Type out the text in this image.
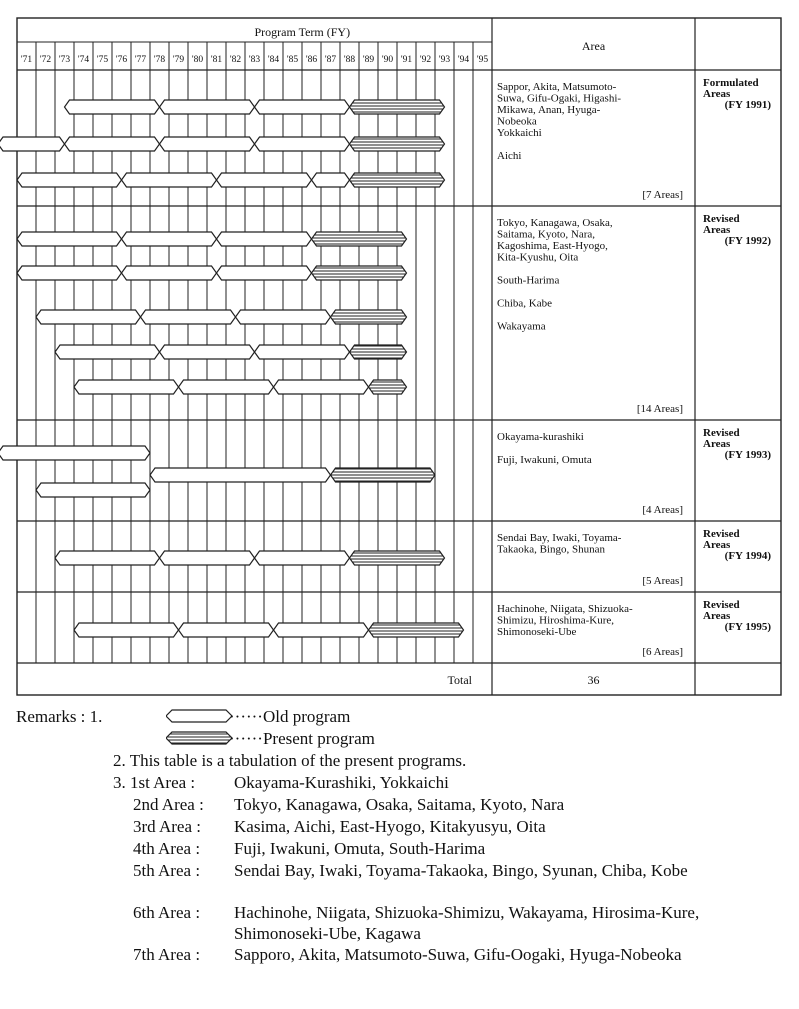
Program Term (FY)
Area
'71 '72 '73 '74 '75 '76 '77 '78 '79 '80 '81 '82 '83 '84 '85 '86 '87 '88 '89 '90 '91 '92 '93 '94 '95
Sappor, Akita, Matsumoto-
Suwa, Gifu-Ogaki, Higashi-
Mikawa, Anan, Hyuga-
Nobeoka
Yokkaichi
Aichi
[7 Areas]
Formulated
Areas
(FY 1991)
Tokyo, Kanagawa, Osaka,
Saitama, Kyoto, Nara,
Kagoshima, East-Hyogo,
Kita-Kyushu, Oita
South-Harima
Chiba, Kabe
Wakayama
[14 Areas]
Revised
Areas
(FY 1992)
Okayama-kurashiki
Fuji, Iwakuni, Omuta
[4 Areas]
Revised
Areas
(FY 1993)
Sendai Bay, Iwaki, Toyama-
Takaoka, Bingo, Shunan
[5 Areas]
Revised
Areas
(FY 1994)
Hachinohe, Niigata, Shizuoka-
Shimizu, Hiroshima-Kure,
Shimonoseki-Ube
[6 Areas]
Revised
Areas
(FY 1995)
Total	36
Remarks : 1.	······Old program
······Present program
2. This table is a tabulation of the present programs.
3. 1st Area : Okayama-Kurashiki, Yokkaichi
2nd Area : Tokyo, Kanagawa, Osaka, Saitama, Kyoto, Nara
3rd Area : Kasima, Aichi, East-Hyogo, Kitakyusyu, Oita
4th Area : Fuji, Iwakuni, Omuta, South-Harima
5th Area : Sendai Bay, Iwaki, Toyama-Takaoka, Bingo, Syunan, Chiba, Kobe
6th Area : Hachinohe, Niigata, Shizuoka-Shimizu, Wakayama, Hirosima-Kure, Shimonoseki-Ube, Kagawa
7th Area : Sapporo, Akita, Matsumoto-Suwa, Gifu-Oogaki, Hyuga-Nobeoka
